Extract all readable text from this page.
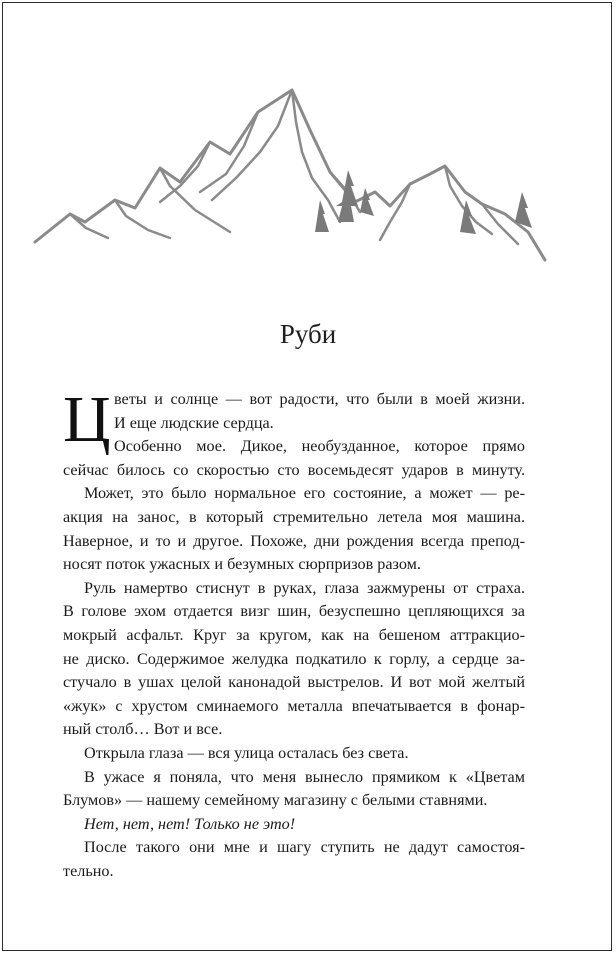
Руби
Ц веты и солнце — вот радости, что были в моей жизни.
И еще людские сердца.
Особенно мое. Дикое, необузданное, которое прямо
сейчас билось со скоростью сто восемьдесят ударов в минуту.
Может, это было нормальное его состояние, а может — ре-
акция на занос, в который стремительно летела моя машина.
Наверное, и то и другое. Похоже, дни рождения всегда препод-
носят поток ужасных и безумных сюрпризов разом.
Руль намертво стиснут в руках, глаза зажмурены от страха.
В голове эхом отдается визг шин, безуспешно цепляющихся за
мокрый асфальт. Круг за кругом, как на бешеном аттракцио-
не диско. Содержимое желудка подкатило к горлу, а сердце за-
стучало в ушах целой канонадой выстрелов. И вот мой желтый
«жук» с хрустом сминаемого металла впечатывается в фонар-
ный столб… Вот и все.
Открыла глаза — вся улица осталась без света.
В ужасе я поняла, что меня вынесло прямиком к «Цветам
Блумов» — нашему семейному магазину с белыми ставнями.
Нет, нет, нет! Только не это!
После такого они мне и шагу ступить не дадут самостоя-
тельно.
